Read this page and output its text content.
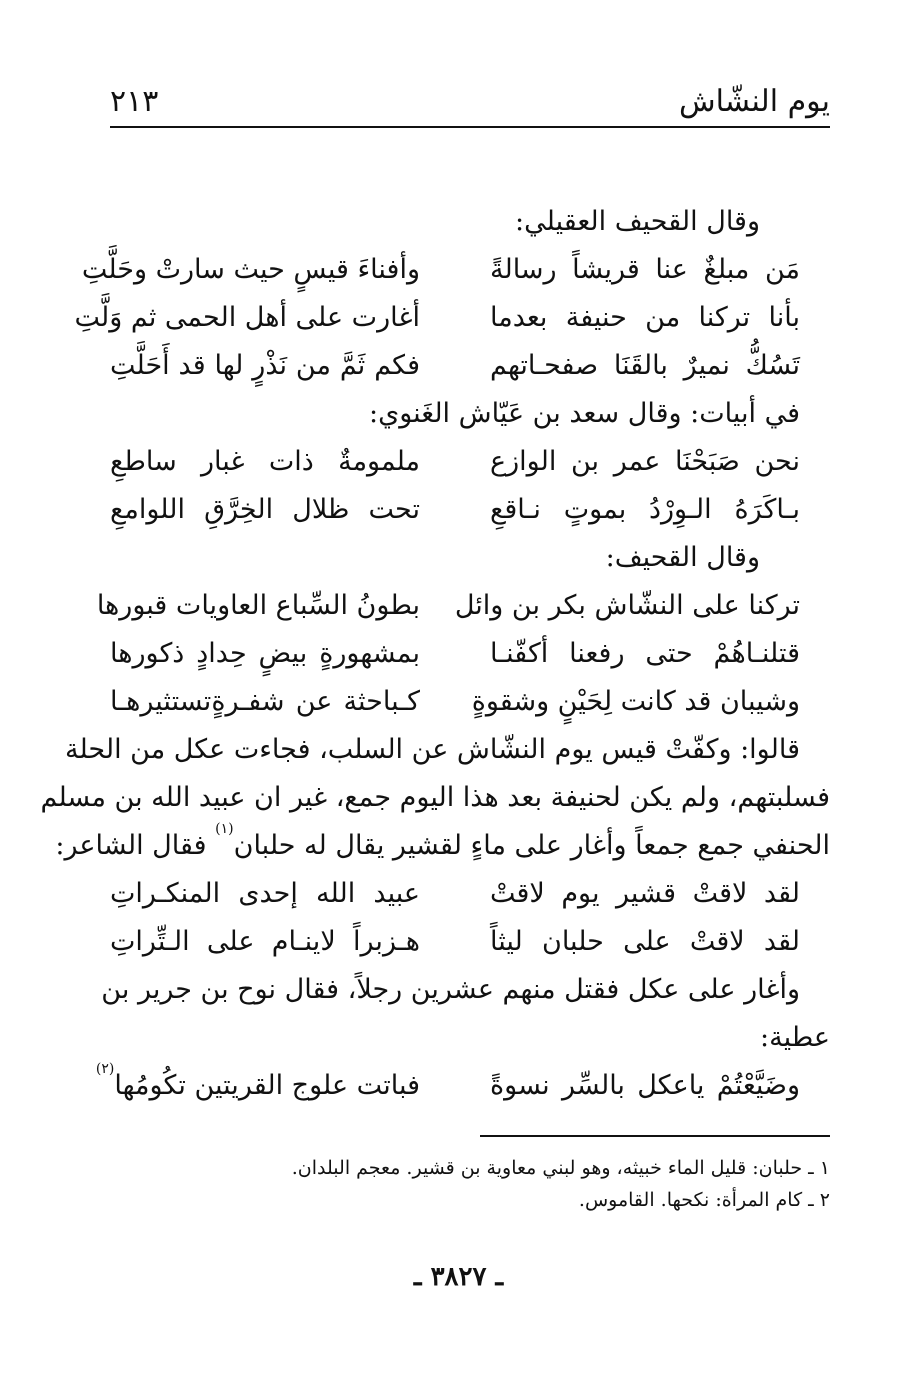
يوم النشّاش
٢١٣
وقال القحيف العقيلي:
مَن مبلغٌ عنا قريشاً رسالةً
وأفناءَ قيسٍ حيث سارتْ وحَلَّتِ
بأنا تركنا من حنيفة بعدما
أغارت على أهل الحمى ثم وَلَّتِ
تَسُكُّ نميرٌ بالقَنَا صفحـاتهم
فكم ثَمَّ من نَذْرٍ لها قد أَحَلَّتِ
في أبيات: وقال سعد بن عَيّاش الغَنوي:
نحن صَبَحْنَا عمر بن الوازع
ملمومةٌ ذات غبار ساطعِ
بـاكَرَهُ الـوِرْدُ بموتٍ نـاقعِ
تحت ظلال الخِرَّقِ اللوامعِ
وقال القحيف:
تركنا على النشّاش بكر بن وائل
بطونُ السِّباع العاويات قبورها
قتلنـاهُمْ حتى رفعنا أكفّنـا
بمشهورةٍ بيضٍ حِدادٍ ذكورها
وشيبان قد كانت لِحَيْنٍ وشقوةٍ
كـباحثة عن شفـرةٍتستثيرهـا
قالوا: وكفّتْ قيس يوم النشّاش عن السلب، فجاءت عكل من الحلة
فسلبتهم، ولم يكن لحنيفة بعد هذا اليوم جمع، غير ان عبيد الله بن مسلم
الحنفي جمع جمعاً وأغار على ماءٍ لقشير يقال له حلبان$^{(١)}$ فقال الشاعر:
لقد لاقتْ قشير يوم لاقتْ
عبيد الله إحدى المنكـراتِ
لقد لاقتْ على حلبان ليثاً
هـزبراً لاينـام على الـتِّراتِ
وأغار على عكل فقتل منهم عشرين رجلاً، فقال نوح بن جرير بن
عطية:
وضَيَّعْتُمْ ياعكل بالسِّر نسوةً
فباتت علوج القريتين تكُومُها$^{(٢)}$
١ ـ حلبان: قليل الماء خبيثه، وهو لبني معاوية بن قشير. معجم البلدان.
٢ ـ كام المرأة: نكحها. القاموس.
ـ ٣٨٢٧ ـ
